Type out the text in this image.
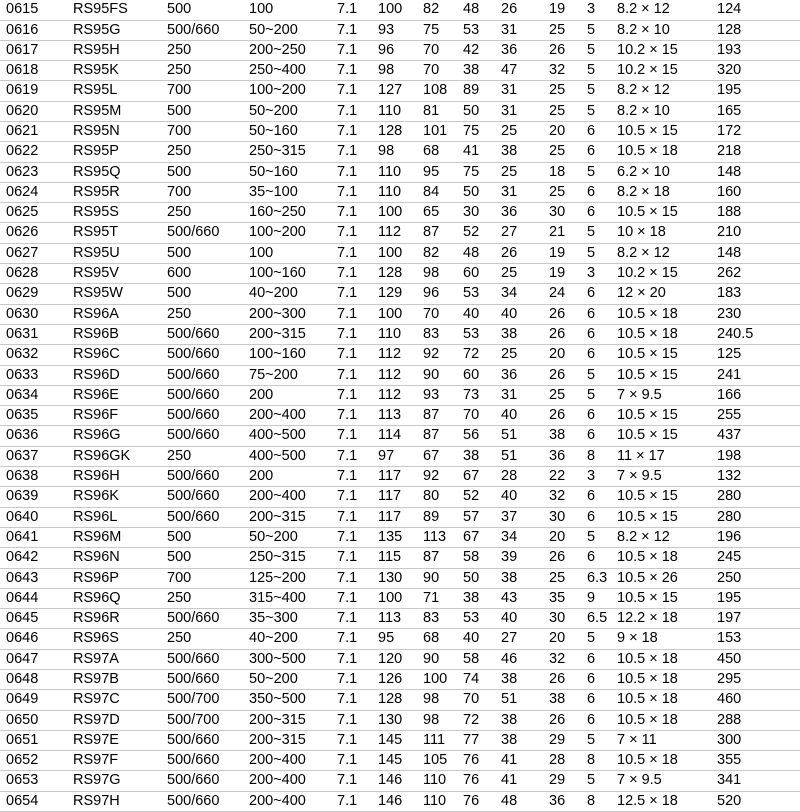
0615	RS95FS	500	100	7.1	100	82	48	26	19	3	8.2 × 12	124
0616	RS95G	500/660	50~200	7.1	93	75	53	31	25	5	8.2 × 10	128
0617	RS95H	250	200~250	7.1	96	70	42	36	26	5	10.2 × 15	193
0618	RS95K	250	250~400	7.1	98	70	38	47	32	5	10.2 × 15	320
0619	RS95L	700	100~200	7.1	127	108	89	31	25	5	8.2 × 12	195
0620	RS95M	500	50~200	7.1	110	81	50	31	25	5	8.2 × 10	165
0621	RS95N	700	50~160	7.1	128	101	75	25	20	6	10.5 × 15	172
0622	RS95P	250	250~315	7.1	98	68	41	38	25	6	10.5 × 18	218
0623	RS95Q	500	50~160	7.1	110	95	75	25	18	5	6.2 × 10	148
0624	RS95R	700	35~100	7.1	110	84	50	31	25	6	8.2 × 18	160
0625	RS95S	250	160~250	7.1	100	65	30	36	30	6	10.5 × 15	188
0626	RS95T	500/660	100~200	7.1	112	87	52	27	21	5	10 × 18	210
0627	RS95U	500	100	7.1	100	82	48	26	19	5	8.2 × 12	148
0628	RS95V	600	100~160	7.1	128	98	60	25	19	3	10.2 × 15	262
0629	RS95W	500	40~200	7.1	129	96	53	34	24	6	12 × 20	183
0630	RS96A	250	200~300	7.1	100	70	40	40	26	6	10.5 × 18	230
0631	RS96B	500/660	200~315	7.1	110	83	53	38	26	6	10.5 × 18	240.5
0632	RS96C	500/660	100~160	7.1	112	92	72	25	20	6	10.5 × 15	125
0633	RS96D	500/660	75~200	7.1	112	90	60	36	26	5	10.5 × 15	241
0634	RS96E	500/660	200	7.1	112	93	73	31	25	5	7 × 9.5	166
0635	RS96F	500/660	200~400	7.1	113	87	70	40	26	6	10.5 × 15	255
0636	RS96G	500/660	400~500	7.1	114	87	56	51	38	6	10.5 × 15	437
0637	RS96GK	250	400~500	7.1	97	67	38	51	36	8	11 × 17	198
0638	RS96H	500/660	200	7.1	117	92	67	28	22	3	7 × 9.5	132
0639	RS96K	500/660	200~400	7.1	117	80	52	40	32	6	10.5 × 15	280
0640	RS96L	500/660	200~315	7.1	117	89	57	37	30	6	10.5 × 15	280
0641	RS96M	500	50~200	7.1	135	113	67	34	20	5	8.2 × 12	196
0642	RS96N	500	250~315	7.1	115	87	58	39	26	6	10.5 × 18	245
0643	RS96P	700	125~200	7.1	130	90	50	38	25	6.3	10.5 × 26	250
0644	RS96Q	250	315~400	7.1	100	71	38	43	35	9	10.5 × 15	195
0645	RS96R	500/660	35~300	7.1	113	83	53	40	30	6.5	12.2 × 18	197
0646	RS96S	250	40~200	7.1	95	68	40	27	20	5	9 × 18	153
0647	RS97A	500/660	300~500	7.1	120	90	58	46	32	6	10.5 × 18	450
0648	RS97B	500/660	50~200	7.1	126	100	74	38	26	6	10.5 × 18	295
0649	RS97C	500/700	350~500	7.1	128	98	70	51	38	6	10.5 × 18	460
0650	RS97D	500/700	200~315	7.1	130	98	72	38	26	6	10.5 × 18	288
0651	RS97E	500/660	200~315	7.1	145	111	77	38	29	5	7 × 11	300
0652	RS97F	500/660	200~400	7.1	145	105	76	41	28	8	10.5 × 18	355
0653	RS97G	500/660	200~400	7.1	146	110	76	41	29	5	7 × 9.5	341
0654	RS97H	500/660	200~400	7.1	146	110	76	48	36	8	12.5 × 18	520
